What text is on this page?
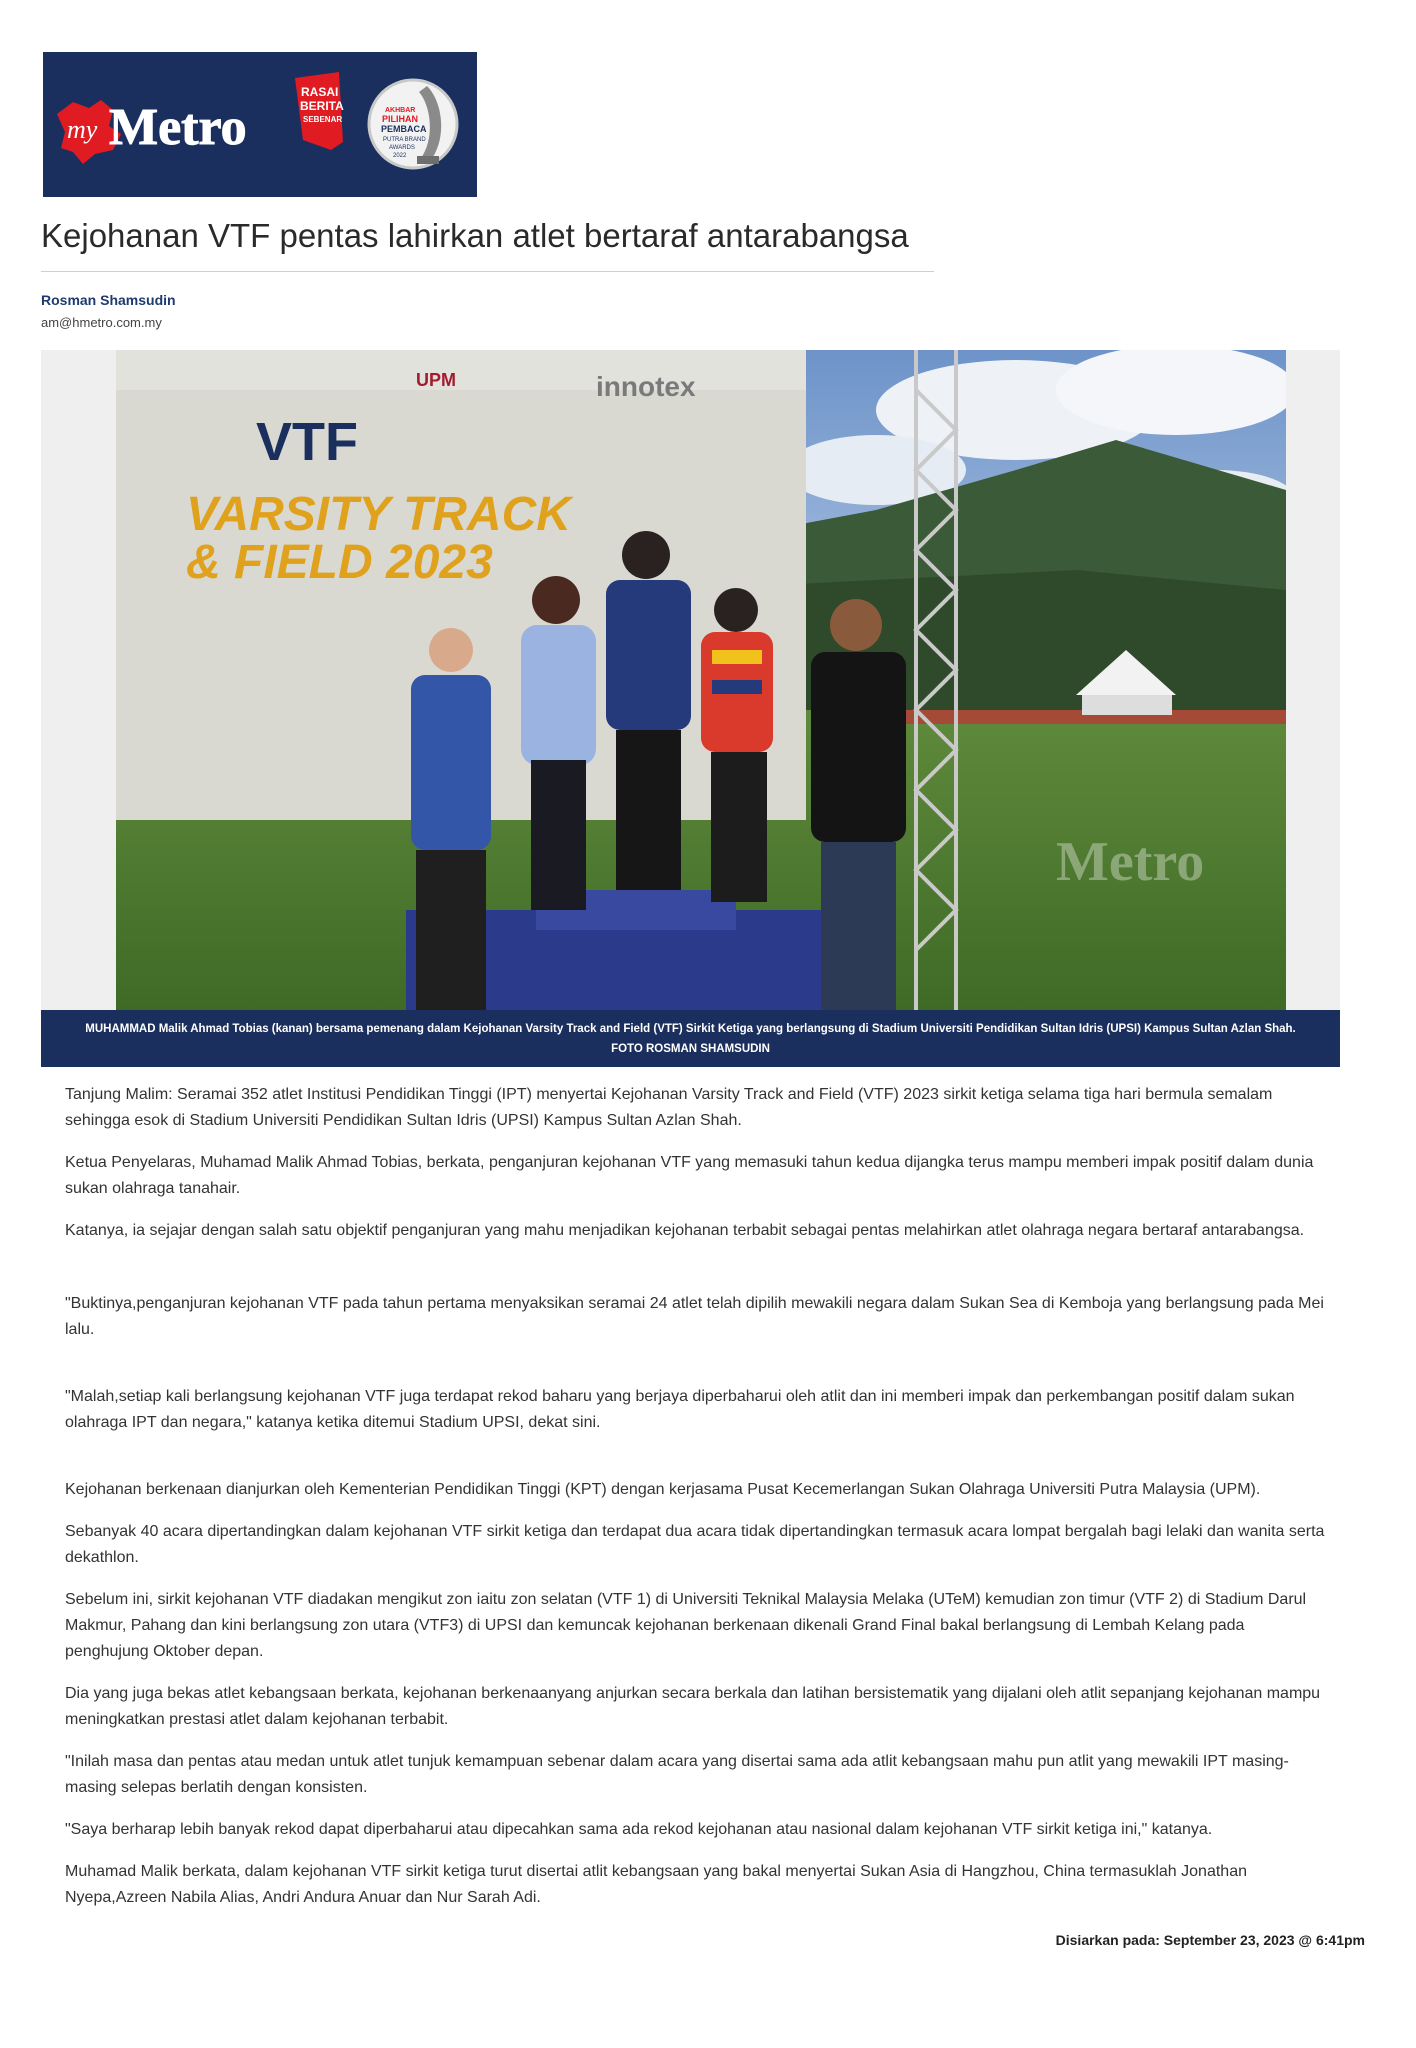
my Metro
RASAI
BERITA
SEBENAR
AKHBAR
PILIHAN
PEMBACA
PUTRA BRAND
AWARDS
2022
Kejohanan VTF pentas lahirkan atlet bertaraf antarabangsa
Rosman Shamsudin
am@hmetro.com.my
UPM	innotex
VTF
VARSITY TRACK
& FIELD 2023
Metro
MUHAMMAD Malik Ahmad Tobias (kanan) bersama pemenang dalam Kejohanan Varsity Track and Field (VTF) Sirkit Ketiga yang berlangsung di Stadium Universiti Pendidikan Sultan Idris (UPSI) Kampus Sultan Azlan Shah.
FOTO ROSMAN SHAMSUDIN

Tanjung Malim: Seramai 352 atlet Institusi Pendidikan Tinggi (IPT) menyertai Kejohanan Varsity Track and Field (VTF) 2023 sirkit ketiga selama tiga hari bermula semalam sehingga esok di Stadium Universiti Pendidikan Sultan Idris (UPSI) Kampus Sultan Azlan Shah.

Ketua Penyelaras, Muhamad Malik Ahmad Tobias, berkata, penganjuran kejohanan VTF yang memasuki tahun kedua dijangka terus mampu memberi impak positif dalam dunia sukan olahraga tanahair.

Katanya, ia sejajar dengan salah satu objektif penganjuran yang mahu menjadikan kejohanan terbabit sebagai pentas melahirkan atlet olahraga negara bertaraf antarabangsa.

"Buktinya,penganjuran kejohanan VTF pada tahun pertama menyaksikan seramai 24 atlet telah dipilih mewakili negara dalam Sukan Sea di Kemboja yang berlangsung pada Mei lalu.

"Malah,setiap kali berlangsung kejohanan VTF juga terdapat rekod baharu yang berjaya diperbaharui oleh atlit dan ini memberi impak dan perkembangan positif dalam sukan olahraga IPT dan negara," katanya ketika ditemui Stadium UPSI, dekat sini.

Kejohanan berkenaan dianjurkan oleh Kementerian Pendidikan Tinggi (KPT) dengan kerjasama Pusat Kecemerlangan Sukan Olahraga Universiti Putra Malaysia (UPM).

Sebanyak 40 acara dipertandingkan dalam kejohanan VTF sirkit ketiga dan terdapat dua acara tidak dipertandingkan termasuk acara lompat bergalah bagi lelaki dan wanita serta dekathlon.

Sebelum ini, sirkit kejohanan VTF diadakan mengikut zon iaitu zon selatan (VTF 1) di Universiti Teknikal Malaysia Melaka (UTeM) kemudian zon timur (VTF 2) di Stadium Darul Makmur, Pahang dan kini berlangsung zon utara (VTF3) di UPSI dan kemuncak kejohanan berkenaan dikenali Grand Final bakal berlangsung di Lembah Kelang pada penghujung Oktober depan.

Dia yang juga bekas atlet kebangsaan berkata, kejohanan berkenaanyang anjurkan secara berkala dan latihan bersistematik yang dijalani oleh atlit sepanjang kejohanan mampu meningkatkan prestasi atlet dalam kejohanan terbabit.

"Inilah masa dan pentas atau medan untuk atlet tunjuk kemampuan sebenar dalam acara yang disertai sama ada atlit kebangsaan mahu pun atlit yang mewakili IPT masing-masing selepas berlatih dengan konsisten.

"Saya berharap lebih banyak rekod dapat diperbaharui atau dipecahkan sama ada rekod kejohanan atau nasional dalam kejohanan VTF sirkit ketiga ini," katanya.

Muhamad Malik berkata, dalam kejohanan VTF sirkit ketiga turut disertai atlit kebangsaan yang bakal menyertai Sukan Asia di Hangzhou, China termasuklah Jonathan Nyepa,Azreen Nabila Alias, Andri Andura Anuar dan Nur Sarah Adi.

Disiarkan pada: September 23, 2023 @ 6:41pm
